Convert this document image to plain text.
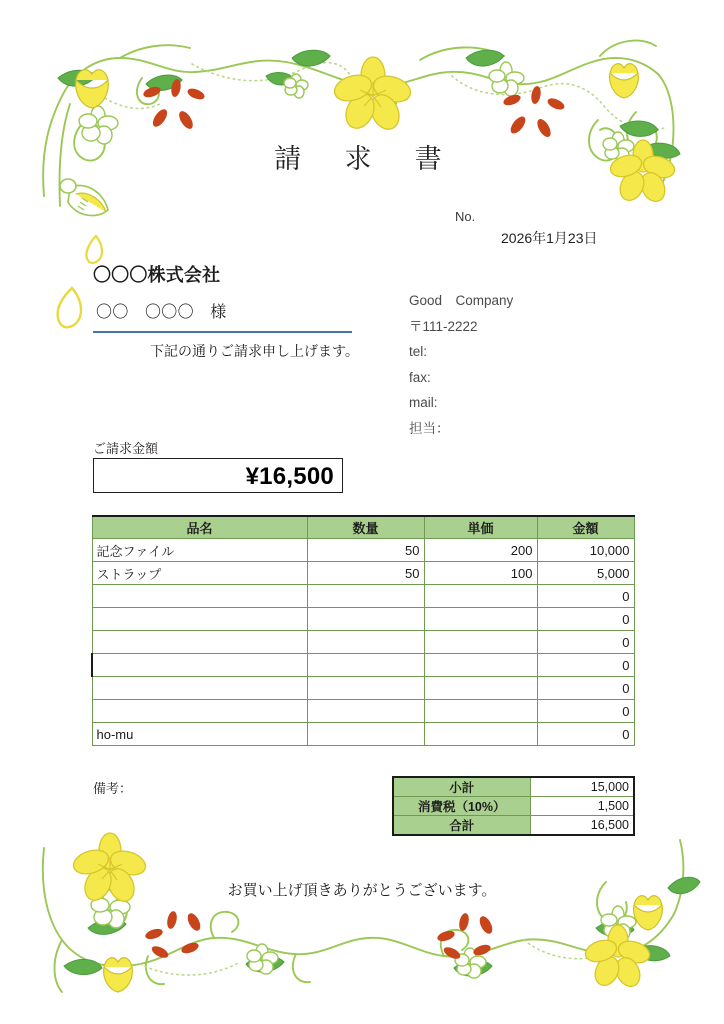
請　求　書
No.
2026年1月23日
〇〇〇株式会社
〇〇　〇〇〇　様
下記の通りご請求申し上げます。
Good　Company
〒111-2222
tel:
fax:
mail:
担当：
ご請求金額
¥16,500
品名	数量	単価	金額
記念ファイル	50	200	10,000
ストラップ	50	100	5,000
			0
			0
			0
			0
			0
			0
ho-mu			0
備考：	小計	15,000
消費税（10%）	1,500
合計	16,500
お買い上げ頂きありがとうございます。
